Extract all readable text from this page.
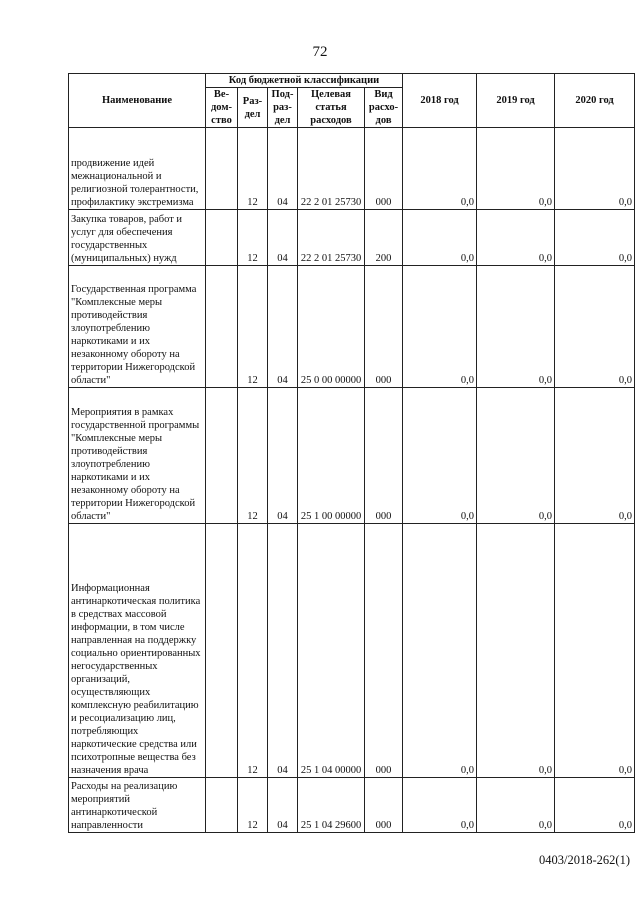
72
Наименование	Код бюджетной классификации					2018 год	2019 год	2020 год
	Ве-
дом-
ство	Раз-
дел	Под-
раз-
дел	Целевая
статья
расходов	Вид
расхо-
дов			
продвижение идей межнациональной и религиозной толерантности, профилактику экстремизма		12	04	22 2 01 25730	000	0,0	0,0	0,0
Закупка товаров, работ и услуг для обеспечения государственных (муниципальных) нужд		12	04	22 2 01 25730	200	0,0	0,0	0,0
Государственная программа "Комплексные меры противодействия злоупотреблению наркотиками и их незаконному обороту на территории Нижегородской области"		12	04	25 0 00 00000	000	0,0	0,0	0,0
Мероприятия в рамках государственной программы "Комплексные меры противодействия злоупотреблению наркотиками и их незаконному обороту на территории Нижегородской области"		12	04	25 1 00 00000	000	0,0	0,0	0,0
Информационная антинаркотическая политика в средствах массовой информации, в том числе направленная на поддержку социально ориентированных негосударственных организаций, осуществляющих комплексную реабилитацию и ресоциализацию лиц, потребляющих наркотические средства или психотропные вещества без назначения врача		12	04	25 1 04 00000	000	0,0	0,0	0,0
Расходы на реализацию мероприятий антинаркотической направленности		12	04	25 1 04 29600	000	0,0	0,0	0,0
0403/2018-262(1)
